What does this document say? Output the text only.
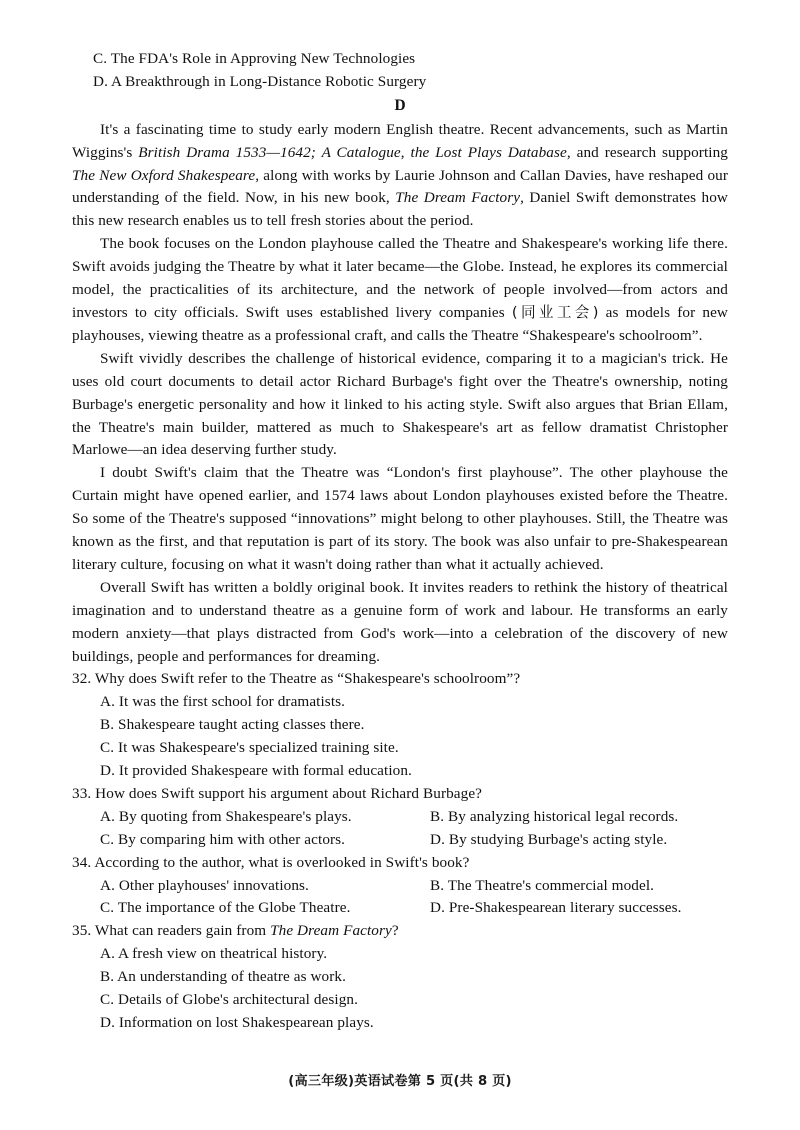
C. The FDA's Role in Approving New Technologies
D. A Breakthrough in Long-Distance Robotic Surgery
D

It's a fascinating time to study early modern English theatre. Recent advancements, such as Martin Wiggins's British Drama 1533—1642; A Catalogue, the Lost Plays Database, and research supporting The New Oxford Shakespeare, along with works by Laurie Johnson and Callan Davies, have reshaped our understanding of the field. Now, in his new book, The Dream Factory, Daniel Swift demonstrates how this new research enables us to tell fresh stories about the period.

The book focuses on the London playhouse called the Theatre and Shakespeare's working life there. Swift avoids judging the Theatre by what it later became—the Globe. Instead, he explores its commercial model, the practicalities of its architecture, and the network of people involved—from actors and investors to city officials. Swift uses established livery companies (同业工会) as models for new playhouses, viewing theatre as a professional craft, and calls the Theatre “Shakespeare's schoolroom”.

Swift vividly describes the challenge of historical evidence, comparing it to a magician's trick. He uses old court documents to detail actor Richard Burbage's fight over the Theatre's ownership, noting Burbage's energetic personality and how it linked to his acting style. Swift also argues that Brian Ellam, the Theatre's main builder, mattered as much to Shakespeare's art as fellow dramatist Christopher Marlowe—an idea deserving further study.

I doubt Swift's claim that the Theatre was “London's first playhouse”. The other playhouse the Curtain might have opened earlier, and 1574 laws about London playhouses existed before the Theatre. So some of the Theatre's supposed “innovations” might belong to other playhouses. Still, the Theatre was known as the first, and that reputation is part of its story. The book was also unfair to pre-Shakespearean literary culture, focusing on what it wasn't doing rather than what it actually achieved.

Overall Swift has written a boldly original book. It invites readers to rethink the history of theatrical imagination and to understand theatre as a genuine form of work and labour. He transforms an early modern anxiety—that plays distracted from God's work—into a celebration of the discovery of new buildings, people and performances for dreaming.

32. Why does Swift refer to the Theatre as “Shakespeare's schoolroom”?
A. It was the first school for dramatists.
B. Shakespeare taught acting classes there.
C. It was Shakespeare's specialized training site.
D. It provided Shakespeare with formal education.
33. How does Swift support his argument about Richard Burbage?
A. By quoting from Shakespeare's plays.	B. By analyzing historical legal records.
C. By comparing him with other actors.	D. By studying Burbage's acting style.
34. According to the author, what is overlooked in Swift's book?
A. Other playhouses' innovations.	B. The Theatre's commercial model.
C. The importance of the Globe Theatre.	D. Pre-Shakespearean literary successes.
35. What can readers gain from The Dream Factory?
A. A fresh view on theatrical history.
B. An understanding of theatre as work.
C. Details of Globe's architectural design.
D. Information on lost Shakespearean plays.
(高三年级)英语试卷第 5 页(共 8 页)
